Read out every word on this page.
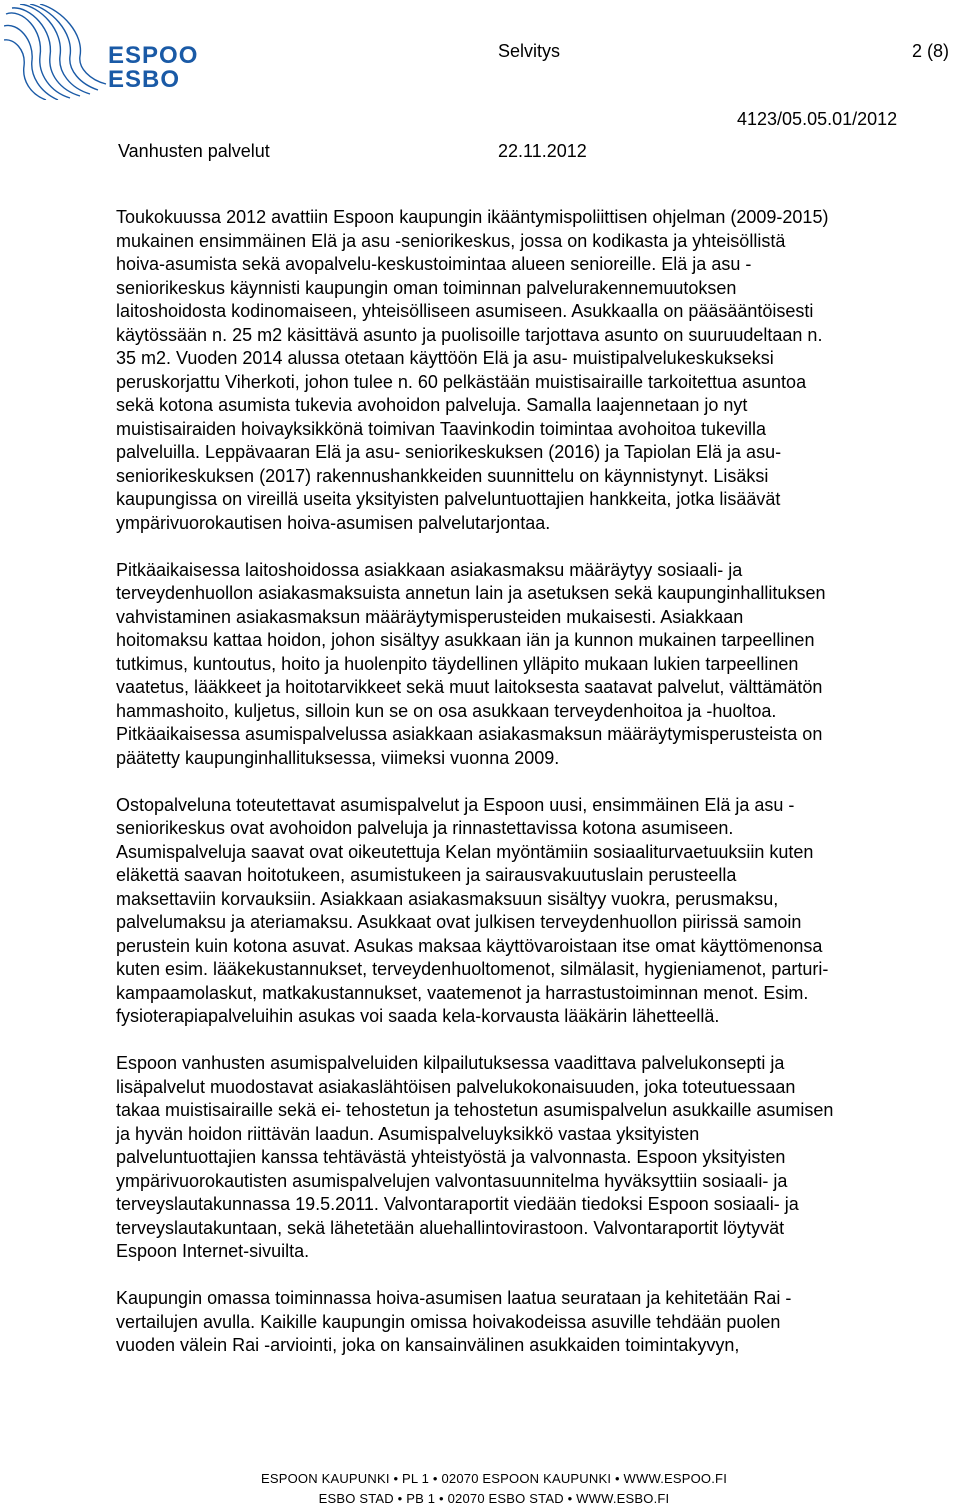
ESPOO
ESBO
Selvitys	2 (8)
4123/05.05.01/2012
Vanhusten palvelut	22.11.2012

Toukokuussa 2012 avattiin Espoon kaupungin ikääntymispoliittisen ohjelman (2009-2015)
mukainen ensimmäinen Elä ja asu -seniorikeskus, jossa on kodikasta ja yhteisöllistä
hoiva-asumista sekä avopalvelu-keskustoimintaa alueen senioreille. Elä ja asu -
seniorikeskus käynnisti kaupungin oman toiminnan palvelurakennemuutoksen
laitoshoidosta kodinomaiseen, yhteisölliseen asumiseen. Asukkaalla on pääsääntöisesti
käytössään n. 25 m2 käsittävä asunto ja puolisoille tarjottava asunto on suuruudeltaan n.
35 m2. Vuoden 2014 alussa otetaan käyttöön Elä ja asu- muistipalvelukeskukseksi
peruskorjattu Viherkoti, johon tulee n. 60 pelkästään muistisairaille tarkoitettua asuntoa
sekä kotona asumista tukevia avohoidon palveluja. Samalla laajennetaan jo nyt
muistisairaiden hoivayksikkönä toimivan Taavinkodin toimintaa avohoitoa tukevilla
palveluilla. Leppävaaran Elä ja asu- seniorikeskuksen (2016) ja Tapiolan Elä ja asu-
seniorikeskuksen (2017) rakennushankkeiden suunnittelu on käynnistynyt. Lisäksi
kaupungissa on vireillä useita yksityisten palveluntuottajien hankkeita, jotka lisäävät
ympärivuorokautisen hoiva-asumisen palvelutarjontaa.

Pitkäaikaisessa laitoshoidossa asiakkaan asiakasmaksu määräytyy sosiaali- ja
terveydenhuollon asiakasmaksuista annetun lain ja asetuksen sekä kaupunginhallituksen
vahvistaminen asiakasmaksun määräytymisperusteiden mukaisesti. Asiakkaan
hoitomaksu kattaa hoidon, johon sisältyy asukkaan iän ja kunnon mukainen tarpeellinen
tutkimus, kuntoutus, hoito ja huolenpito täydellinen ylläpito mukaan lukien tarpeellinen
vaatetus, lääkkeet ja hoitotarvikkeet sekä muut laitoksesta saatavat palvelut, välttämätön
hammashoito, kuljetus, silloin kun se on osa asukkaan terveydenhoitoa ja -huoltoa.
Pitkäaikaisessa asumispalvelussa asiakkaan asiakasmaksun määräytymisperusteista on
päätetty kaupunginhallituksessa, viimeksi vuonna 2009.

Ostopalveluna toteutettavat asumispalvelut ja Espoon uusi, ensimmäinen Elä ja asu -
seniorikeskus ovat avohoidon palveluja ja rinnastettavissa kotona asumiseen.
Asumispalveluja saavat ovat oikeutettuja Kelan myöntämiin sosiaaliturvaetuuksiin kuten
eläkettä saavan hoitotukeen, asumistukeen ja sairausvakuutuslain perusteella
maksettaviin korvauksiin. Asiakkaan asiakasmaksuun sisältyy vuokra, perusmaksu,
palvelumaksu ja ateriamaksu. Asukkaat ovat julkisen terveydenhuollon piirissä samoin
perustein kuin kotona asuvat. Asukas maksaa käyttövaroistaan itse omat käyttömenonsa
kuten esim. lääkekustannukset, terveydenhuoltomenot, silmälasit, hygieniamenot, parturi-
kampaamolaskut, matkakustannukset, vaatemenot ja harrastustoiminnan menot. Esim.
fysioterapiapalveluihin asukas voi saada kela-korvausta lääkärin lähetteellä.

Espoon vanhusten asumispalveluiden kilpailutuksessa vaadittava palvelukonsepti ja
lisäpalvelut muodostavat asiakaslähtöisen palvelukokonaisuuden, joka toteutuessaan
takaa muistisairaille sekä ei- tehostetun ja tehostetun asumispalvelun asukkaille asumisen
ja hyvän hoidon riittävän laadun. Asumispalveluyksikkö vastaa yksityisten
palveluntuottajien kanssa tehtävästä yhteistyöstä ja valvonnasta. Espoon yksityisten
ympärivuorokautisten asumispalvelujen valvontasuunnitelma hyväksyttiin sosiaali- ja
terveyslautakunnassa 19.5.2011. Valvontaraportit viedään tiedoksi Espoon sosiaali- ja
terveyslautakuntaan, sekä lähetetään aluehallintovirastoon. Valvontaraportit löytyvät
Espoon Internet-sivuilta.

Kaupungin omassa toiminnassa hoiva-asumisen laatua seurataan ja kehitetään Rai -
vertailujen avulla. Kaikille kaupungin omissa hoivakodeissa asuville tehdään puolen
vuoden välein Rai -arviointi, joka on kansainvälinen asukkaiden toimintakyvyn,

ESPOON KAUPUNKI • PL 1 • 02070 ESPOON KAUPUNKI • WWW.ESPOO.FI
ESBO STAD • PB 1 • 02070 ESBO STAD • WWW.ESBO.FI
